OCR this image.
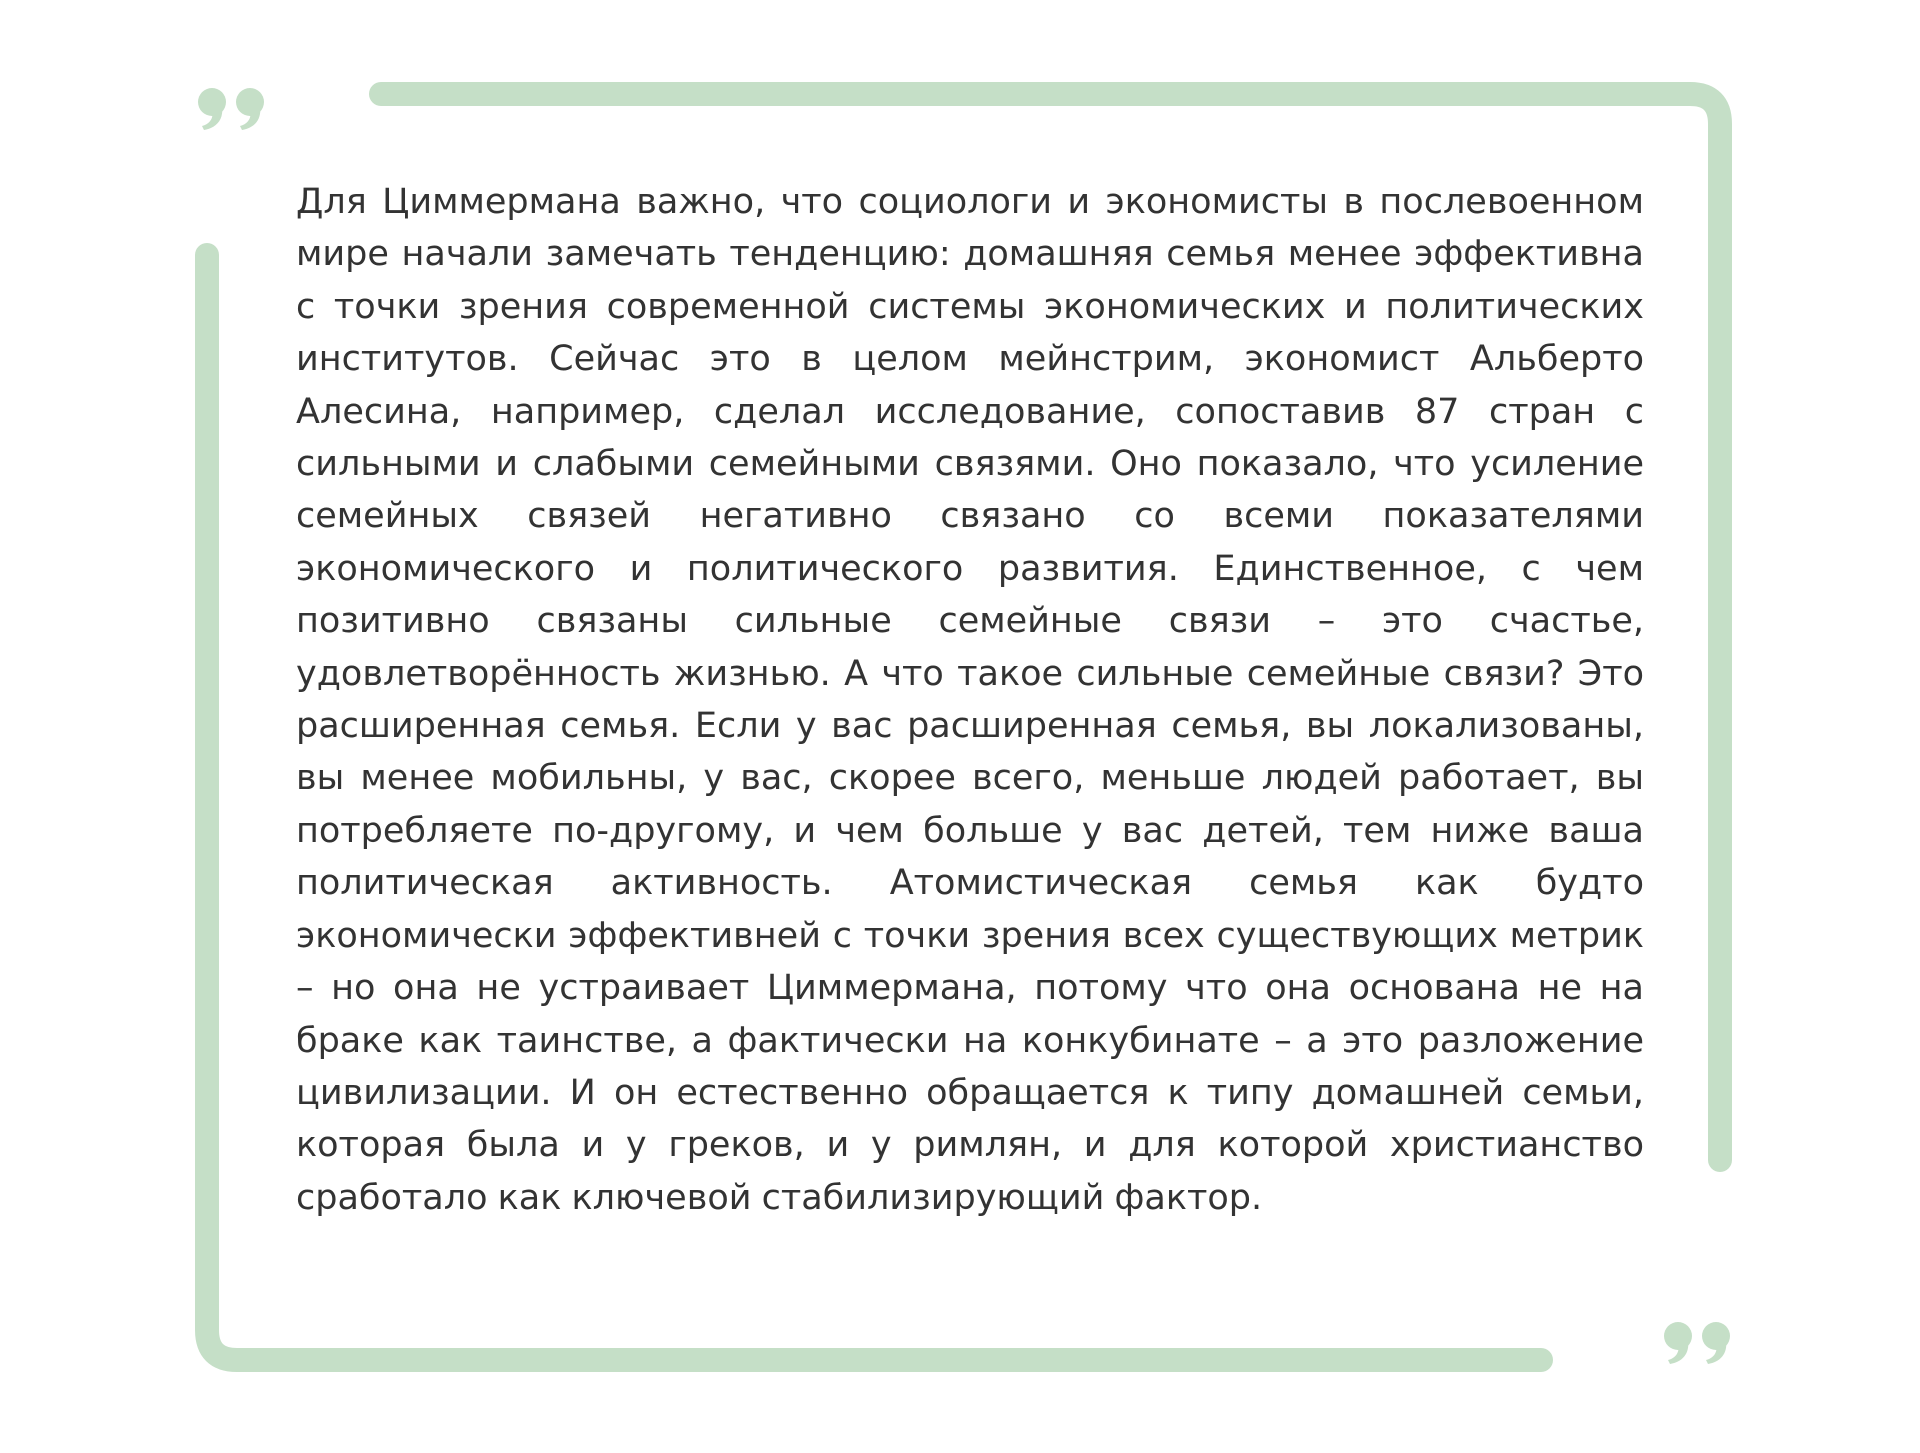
Для Циммермана важно, что социологи и экономисты в послевоенном мире начали замечать тенденцию: домашняя семья менее эффективна с точки зрения современной системы экономических и политических институтов. Сейчас это в целом мейнстрим, экономист Альберто Алесина, например, сделал исследование, сопоставив 87 стран с сильными и слабыми семейными связями. Оно показало, что усиление семейных связей негативно связано со всеми показателями экономического и политического развития. Единственное, с чем позитивно связаны сильные семейные связи – это счастье, удовлетворённость жизнью. А что такое сильные семейные связи? Это расширенная семья. Если у вас расширенная семья, вы локализованы, вы менее мобильны, у вас, скорее всего, меньше людей работает, вы потребляете по-другому, и чем больше у вас детей, тем ниже ваша политическая активность. Атомистическая семья как будто экономически эффективней с точки зрения всех существующих метрик – но она не устраивает Циммермана, потому что она основана не на браке как таинстве, а фактически на конкубинате – а это разложение цивилизации. И он естественно обращается к типу домашней семьи, которая была и у греков, и у римлян, и для которой христианство сработало как ключевой стабилизирующий фактор.
